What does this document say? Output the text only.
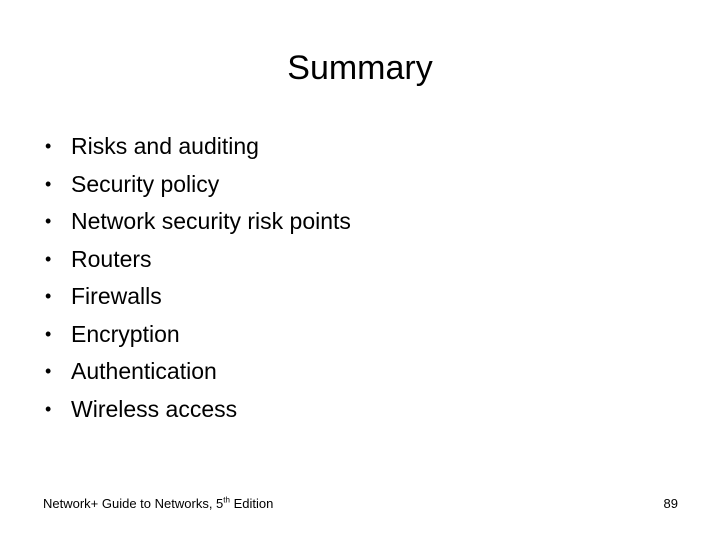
Summary
• Risks and auditing
• Security policy
• Network security risk points
• Routers
• Firewalls
• Encryption
• Authentication
• Wireless access
Network+ Guide to Networks, 5th Edition	89
